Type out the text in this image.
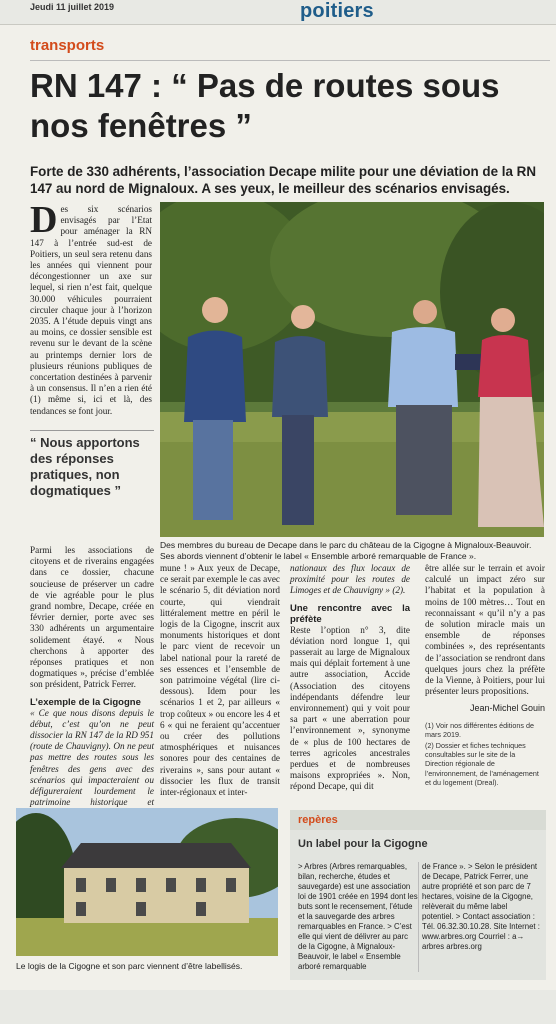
Jeudi 11 juillet 2019	poitiers
transports
RN 147 : “ Pas de routes sous nos fenêtres ”
Forte de 330 adhérents, l’association Decape milite pour une déviation de la RN 147 au nord de Mignaloux. A ses yeux, le meilleur des scénarios envisagés.
D es six scénarios envisagés par l’Etat pour aménager la RN 147 à l’entrée sud-est de Poitiers, un seul sera retenu dans les années qui viennent pour décongestionner un axe sur lequel, si rien n’est fait, quelque 30.000 véhicules pourraient circuler chaque jour à l’horizon 2035. A l’étude depuis vingt ans au moins, ce dossier sensible est revenu sur le devant de la scène au printemps dernier lors de plusieurs réunions publiques de concertation destinées à parvenir à un consensus. Il n’en a rien été (1) même si, ici et là, des tendances se font jour.
“ Nous apportons des réponses pratiques, non dogmatiques ”
Parmi les associations de citoyens et de riverains engagées dans ce dossier, chacune soucieuse de préserver un cadre de vie agréable pour le plus grand nombre, Decape, créée en février dernier, porte avec ses 330 adhérents un argumentaire solidement étayé. « Nous cherchons à apporter des réponses pratiques et non dogmatiques », précise d’emblée son président, Patrick Ferrer.
L’exemple de la Cigogne
« Ce que nous disons depuis le début, c’est qu’on ne peut dissocier la RN 147 de la RD 951 (route de Chauvigny). On ne peut pas mettre des routes sous les fenêtres des gens avec des scénarios qui impacteraient ou défigureraient lourdement le patrimoine historique et
Des membres du bureau de Decape dans le parc du château de la Cigogne à Mignaloux-Beauvoir. Ses abords viennent d’obtenir le label « Ensemble arboré remarquable de France ».
mune ! » Aux yeux de Decape, ce serait par exemple le cas avec le scénario 5, dit déviation nord courte, qui viendrait littéralement mettre en péril le logis de la Cigogne, inscrit aux monuments historiques et dont le parc vient de recevoir un label national pour la rareté de ses essences et l’ensemble de son patrimoine végétal (lire ci-dessous). Idem pour les scénarios 1 et 2, par ailleurs « trop coûteux » ou encore les 4 et 6 « qui ne feraient qu’accentuer ou créer des pollutions atmosphériques et nuisances sonores pour des centaines de riverains », sans pour autant « dissocier les flux de transit inter-régionaux et inter-
nationaux des flux locaux de proximité pour les routes de Limoges et de Chauvigny » (2).
Une rencontre avec la préfète
Reste l’option n° 3, dite déviation nord longue 1, qui passerait au large de Mignaloux mais qui déplait fortement à une autre association, Accide (Association des citoyens indépendants défendre leur environnement) qui y voit pour sa part « une aberration pour l’environnement », synonyme de « plus de 100 hectares de terres agricoles ancestrales perdues et de nombreuses maisons expropriées ». Non, répond Decape, qui dit
être allée sur le terrain et avoir calculé un impact zéro sur l’habitat et la population à moins de 100 mètres… Tout en reconnaissant « qu’il n’y a pas de solution miracle mais un ensemble de réponses combinées », des représentants de l’association se rendront dans quelques jours chez la préfète de la Vienne, à Poitiers, pour lui présenter leurs propositions.
Jean-Michel Gouin
(1) Voir nos différentes éditions de mars 2019.
(2) Dossier et fiches techniques consultables sur le site de la Direction régionale de l’environnement, de l’aménagement et du logement (Dreal).
Le logis de la Cigogne et son parc viennent d’être labellisés.
repères
Un label pour la Cigogne
> Arbres (Arbres remarquables, bilan, recherche, études et sauvegarde) est une association loi de 1901 créée en 1994 dont les buts sont le recensement, l’étude et la sauvegarde des arbres remarquables en France. > C’est elle qui vient de délivrer au parc de la Cigogne, à Mignaloux-Beauvoir, le label « Ensemble arboré remarquable
de France ». > Selon le président de Decape, Patrick Ferrer, une autre propriété et son parc de 7 hectares, voisine de la Cigogne, relèverait du même label potentiel. > Contact association : Tél. 06.32.30.10.28. Site Internet : www.arbres.org Courriel : a→ arbres arbres.org
